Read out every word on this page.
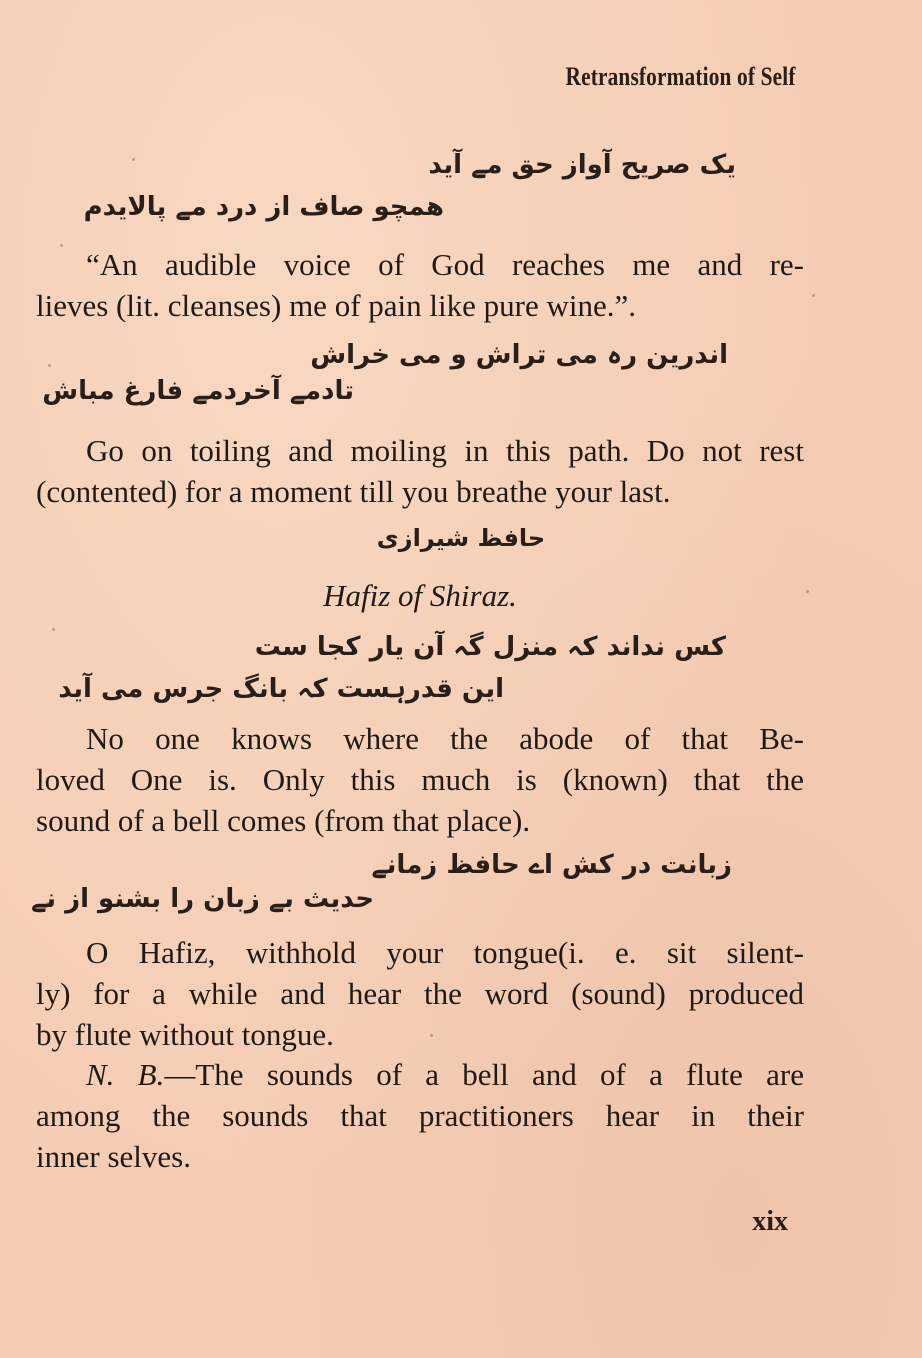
Retransformation of Self
یک صریح آواز حق مے آید
همچو صاف از درد مے پالایدم
“An audible voice of God reaches me and re-
lieves (lit. cleanses) me of pain like pure wine.”.
اندرین رہ می تراش و می خراش
تادمے آخردمے فارغ مباش
Go on toiling and moiling in this path. Do not rest
(contented) for a moment till you breathe your last.
حافظ شیرازی
Hafiz of Shiraz.
کس نداند کہ منزل گہ آن یار کجا ست
این قدرہست کہ بانگ جرس می آید
No one knows where the abode of that Be-
loved One is. Only this much is (known) that the
sound of a bell comes (from that place).
زبانت در کش اے حافظ زمانے
حدیث بے زبان را بشنو از نے
O Hafiz, withhold your tongue(i. e. sit silent-
ly) for a while and hear the word (sound) produced
by flute without tongue.
N. B.—The sounds of a bell and of a flute are
among the sounds that practitioners hear in their
inner selves.
xix
